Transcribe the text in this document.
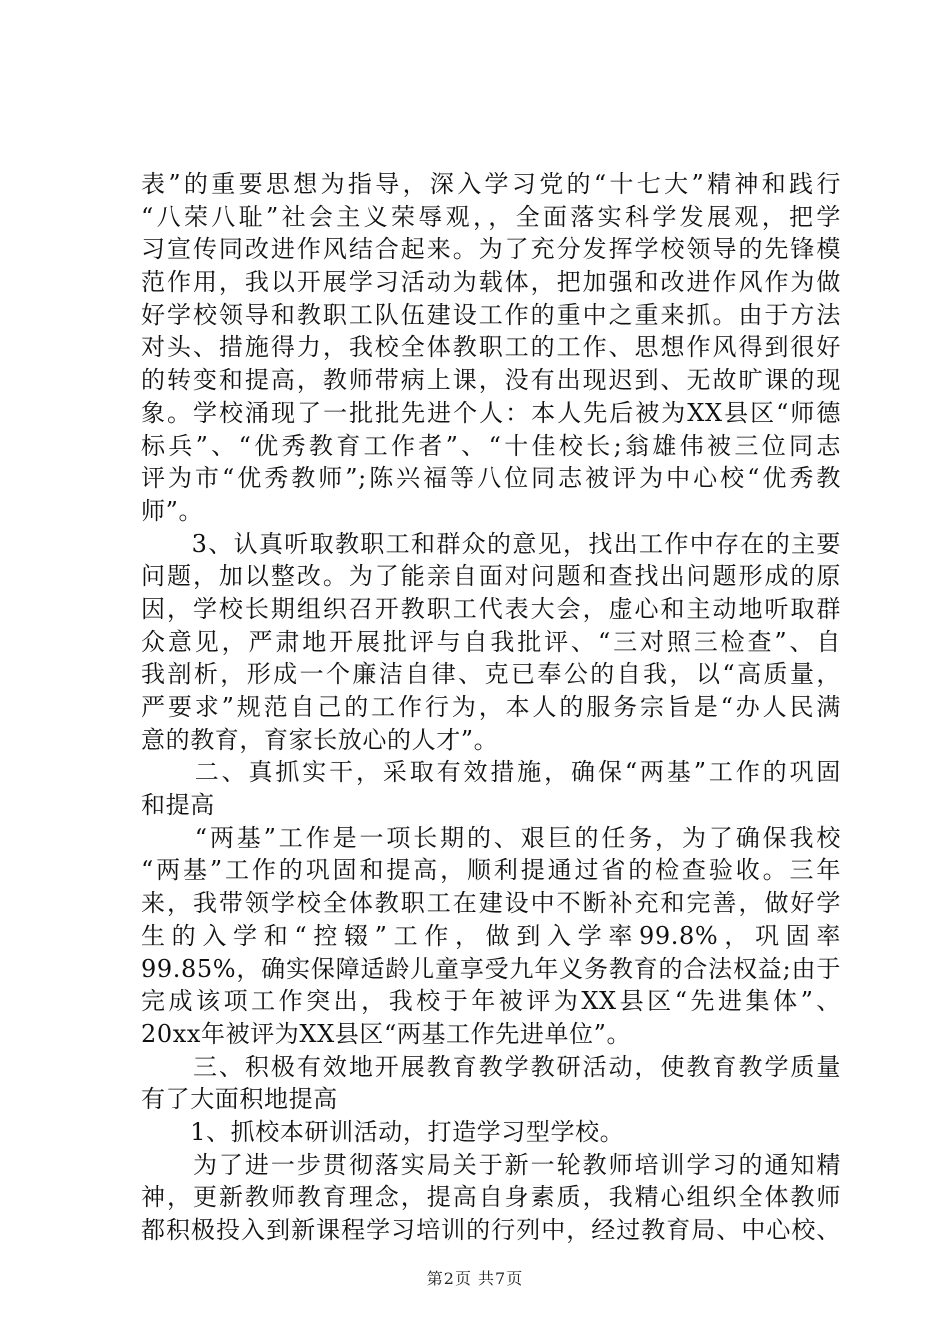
表”的重要思想为指导，深入学习党的“十七大”精神和践行
“八荣八耻”社会主义荣辱观，，全面落实科学发展观，把学
习宣传同改进作风结合起来。为了充分发挥学校领导的先锋模
范作用，我以开展学习活动为载体，把加强和改进作风作为做
好学校领导和教职工队伍建设工作的重中之重来抓。由于方法
对头、措施得力，我校全体教职工的工作、思想作风得到很好
的转变和提高，教师带病上课，没有出现迟到、无故旷课的现
象。学校涌现了一批批先进个人：本人先后被为XX县区“师德
标兵”、“优秀教育工作者”、“十佳校长;翁雄伟被三位同志
评为市“优秀教师”;陈兴福等八位同志被评为中心校“优秀教
师”。
　　3、认真听取教职工和群众的意见，找出工作中存在的主要
问题，加以整改。为了能亲自面对问题和查找出问题形成的原
因，学校长期组织召开教职工代表大会，虚心和主动地听取群
众意见，严肃地开展批评与自我批评、“三对照三检查”、自
我剖析，形成一个廉洁自律、克已奉公的自我，以“高质量，
严要求”规范自己的工作行为，本人的服务宗旨是“办人民满
意的教育，育家长放心的人才”。
　　二、真抓实干，采取有效措施，确保“两基”工作的巩固
和提高
　　“两基”工作是一项长期的、艰巨的任务，为了确保我校
“两基”工作的巩固和提高，顺利提通过省的检查验收。三年
来，我带领学校全体教职工在建设中不断补充和完善，做好学
生的入学和“控辍”工作，做到入学率99.8%，巩固率
99.85%，确实保障适龄儿童享受九年义务教育的合法权益;由于
完成该项工作突出，我校于年被评为XX县区“先进集体”、
20xx年被评为XX县区“两基工作先进单位”。
　　三、积极有效地开展教育教学教研活动，使教育教学质量
有了大面积地提高
　　1、抓校本研训活动，打造学习型学校。
　　为了进一步贯彻落实局关于新一轮教师培训学习的通知精
神，更新教师教育理念，提高自身素质，我精心组织全体教师
都积极投入到新课程学习培训的行列中，经过教育局、中心校、
第2页 共7页
